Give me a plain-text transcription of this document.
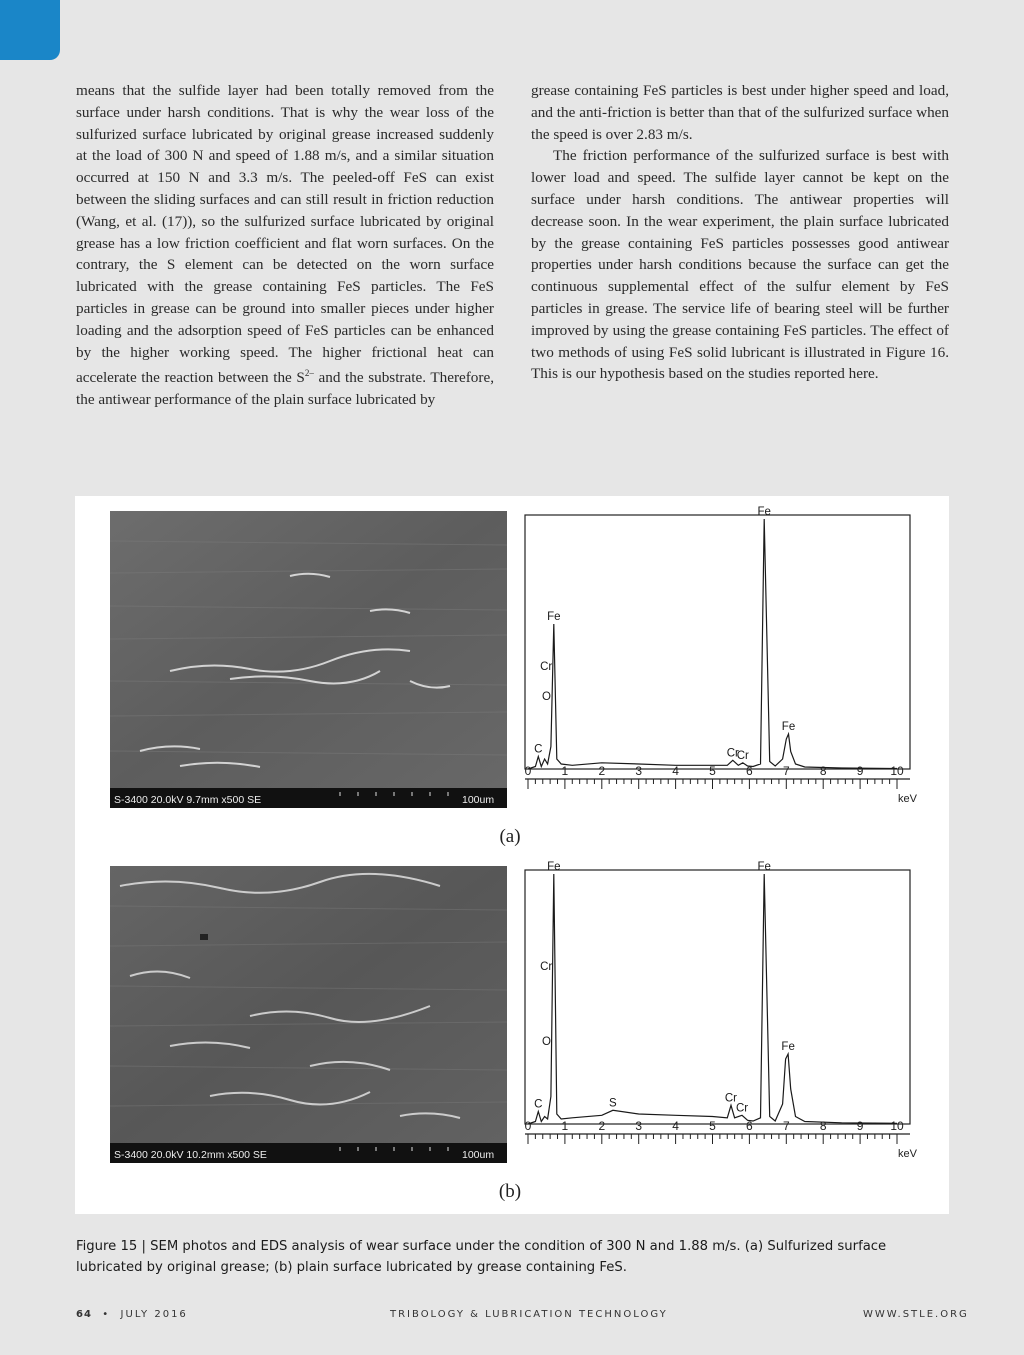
means that the sulfide layer had been totally removed from the surface under harsh conditions. That is why the wear loss of the sulfurized surface lubricated by original grease increased suddenly at the load of 300 N and speed of 1.88 m/s, and a similar situation occurred at 150 N and 3.3 m/s. The peeled-off FeS can exist between the sliding surfaces and can still result in friction reduction (Wang, et al. (17)), so the sulfurized surface lubricated by original grease has a low friction coefficient and flat worn surfaces. On the contrary, the S element can be detected on the worn surface lubricated with the grease containing FeS particles. The FeS particles in grease can be ground into smaller pieces under higher loading and the adsorption speed of FeS particles can be enhanced by the higher working speed. The higher frictional heat can accelerate the reaction between the $S^{2-}$ and the substrate. Therefore, the antiwear performance of the plain surface lubricated by

grease containing FeS particles is best under higher speed and load, and the anti-friction is better than that of the sulfurized surface when the speed is over 2.83 m/s.

The friction performance of the sulfurized surface is best with lower load and speed. The sulfide layer cannot be kept on the surface under harsh conditions. The antiwear properties will decrease soon. In the wear experiment, the plain surface lubricated by the grease containing FeS particles possesses good antiwear properties under harsh conditions because the surface can get the continuous supplemental effect of the sulfur element by FeS particles in grease. The service life of bearing steel will be further improved by using the grease containing FeS particles. The effect of two methods of using FeS solid lubricant is illustrated in Figure 16. This is our hypothesis based on the studies reported here.

S-3400 20.0kV 9.7mm x500 SE	100um
S-3400 20.0kV 10.2mm x500 SE	100um
0	1	2	3	4	5	6	7	8	9 10
keV
C
O
Cr
Fe
Cr
Cr
Fe
Fe
0	1	2	3	4	5	6	7	8	9 10
keV
C
O
Cr
Fe
S	Cr
Cr
Fe
Fe
(a)
(b)
Figure 15 | SEM photos and EDS analysis of wear surface under the condition of 300 N and 1.88 m/s. (a) Sulfurized surface lubricated by original grease; (b) plain surface lubricated by grease containing FeS.
64 • JULY 2016	TRIBOLOGY & LUBRICATION TECHNOLOGY	WWW.STLE.ORG
